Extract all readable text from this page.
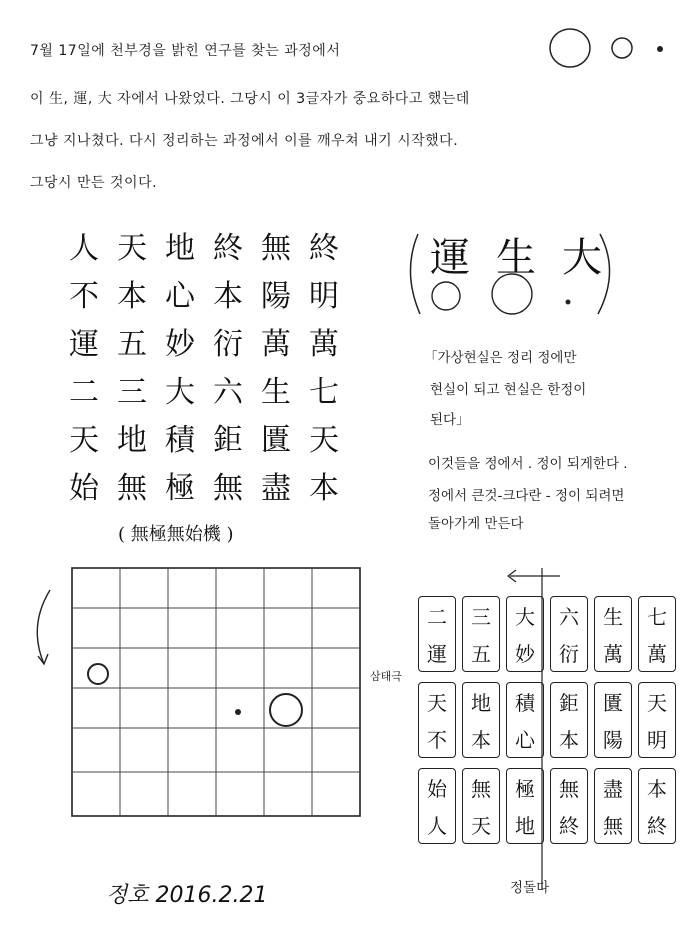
7월 17일에 천부경을 밝힌 연구를 찾는 과정에서
이 生, 運, 大 자에서 나왔었다. 그당시 이 3글자가 중요하다고 했는데
그냥 지나쳤다. 다시 정리하는 과정에서 이를 깨우쳐 내기 시작했다.
그당시 만든 것이다.
人 天 地 終 無 終
不 本 心 本 陽 明
運 五 妙 衍 萬 萬
二 三 大 六 生 七
天 地 積 鉅 匱 天
始 無 極 無 盡 本
( 無極無始機 )
運生大
「가상현실은 정리 정에만
현실이 되고 현실은 한정이
된다」
이것들을 정에서 . 정이 되게한다 .
정에서 큰것-크다란 - 정이 되려면
돌아가게 만든다
삼태극
二
運
三
五
大
妙
六
衍
生
萬
七
萬
天
不
地
本
積
心
鉅
本
匱
陽
天
明
始
人
無
天
極
地
無
終
盡
無
本
終
정돌다
정호 2016.2.21
